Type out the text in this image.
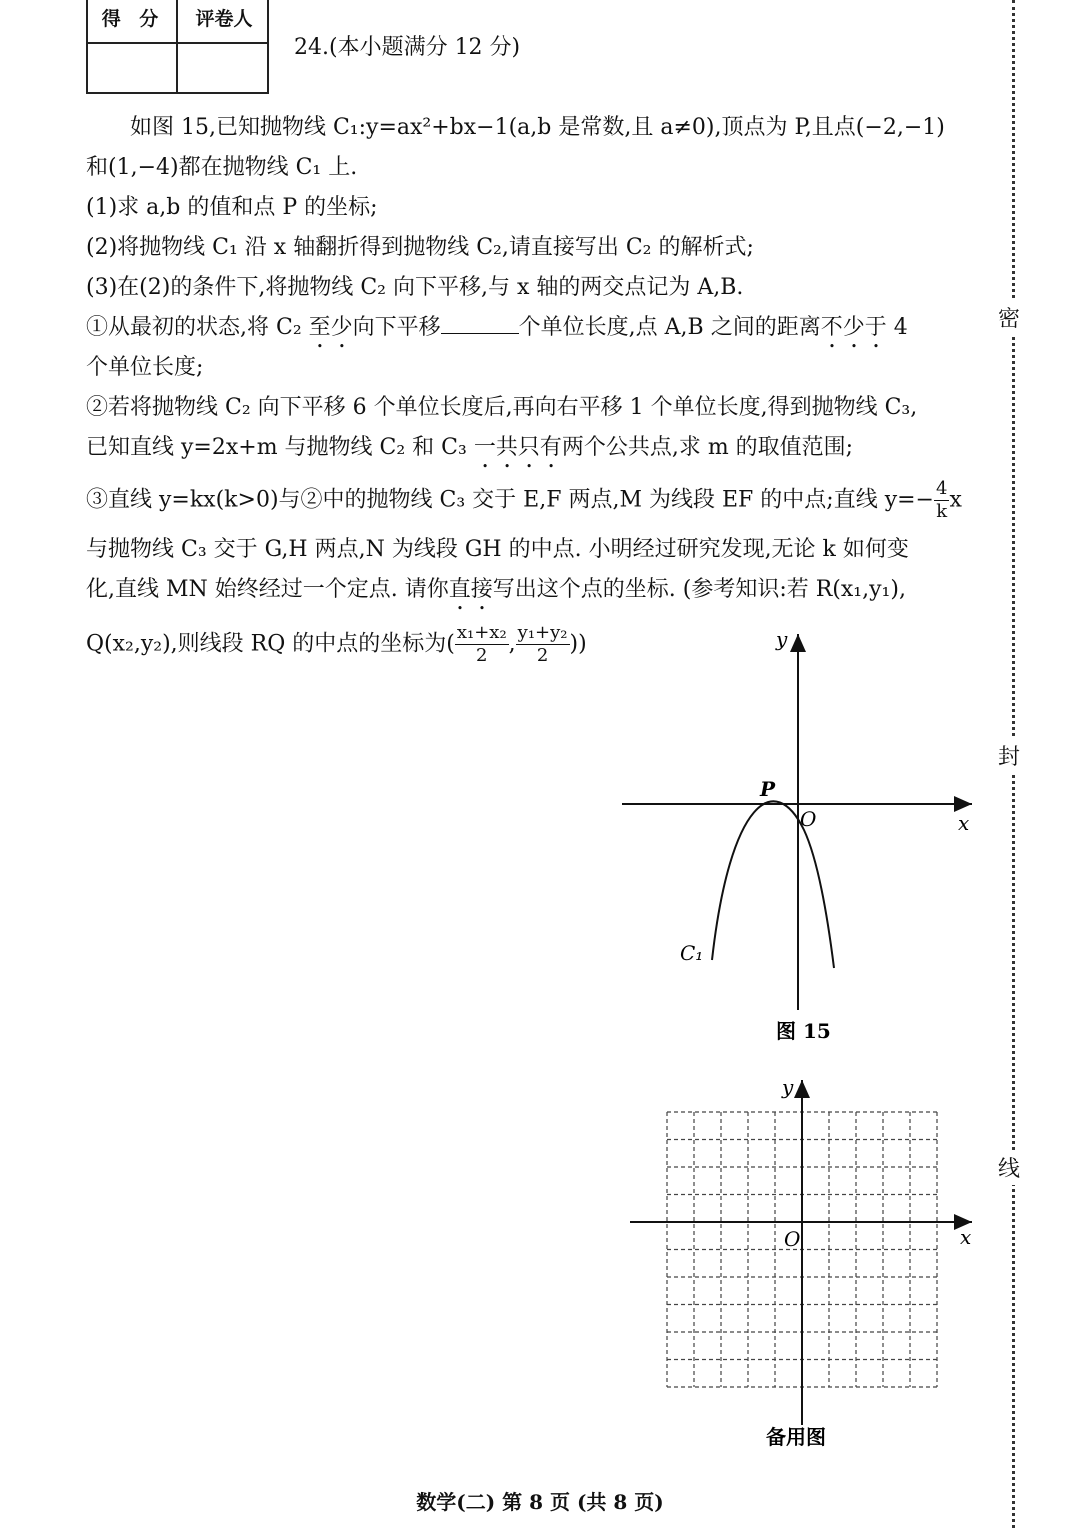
得 分	评卷人
24.(本小题满分 12 分)
如图 15,已知抛物线 C₁:y=ax²+bx−1(a,b 是常数,且 a≠0),顶点为 P,且点(−2,−1)
和(1,−4)都在抛物线 C₁ 上.
(1)求 a,b 的值和点 P 的坐标;
(2)将抛物线 C₁ 沿 x 轴翻折得到抛物线 C₂,请直接写出 C₂ 的解析式;
(3)在(2)的条件下,将抛物线 C₂ 向下平移,与 x 轴的两交点记为 A,B.
①从最初的状态,将 C₂ 至少向下平移	个单位长度,点 A,B 之间的距离不少于 4
个单位长度;
②若将抛物线 C₂ 向下平移 6 个单位长度后,再向右平移 1 个单位长度,得到抛物线 C₃,
已知直线 y=2x+m 与抛物线 C₂ 和 C₃ 一共只有两个公共点,求 m 的取值范围;
③直线 y=kx(k>0)与②中的抛物线 C₃ 交于 E,F 两点,M 为线段 EF 的中点;直线 $y=- \frac{4}{k}$ x
与抛物线 C₃ 交于 G,H 两点,N 为线段 GH 的中点. 小明经过研究发现,无论 k 如何变
化,直线 MN 始终经过一个定点. 请你直接写出这个点的坐标. (参考知识:若 R(x₁,y₁),
Q(x₂,y₂),则线段 RQ 的中点的坐标为( $\frac{\text{x₁+x₂}}{2}$ , $\frac{\text{y₁+y₂}}{2}$ ))	y
x
O
P
C₁
图 15
y
x
O
备用图
密
封
线
数学(二) 第 8 页 (共 8 页)
